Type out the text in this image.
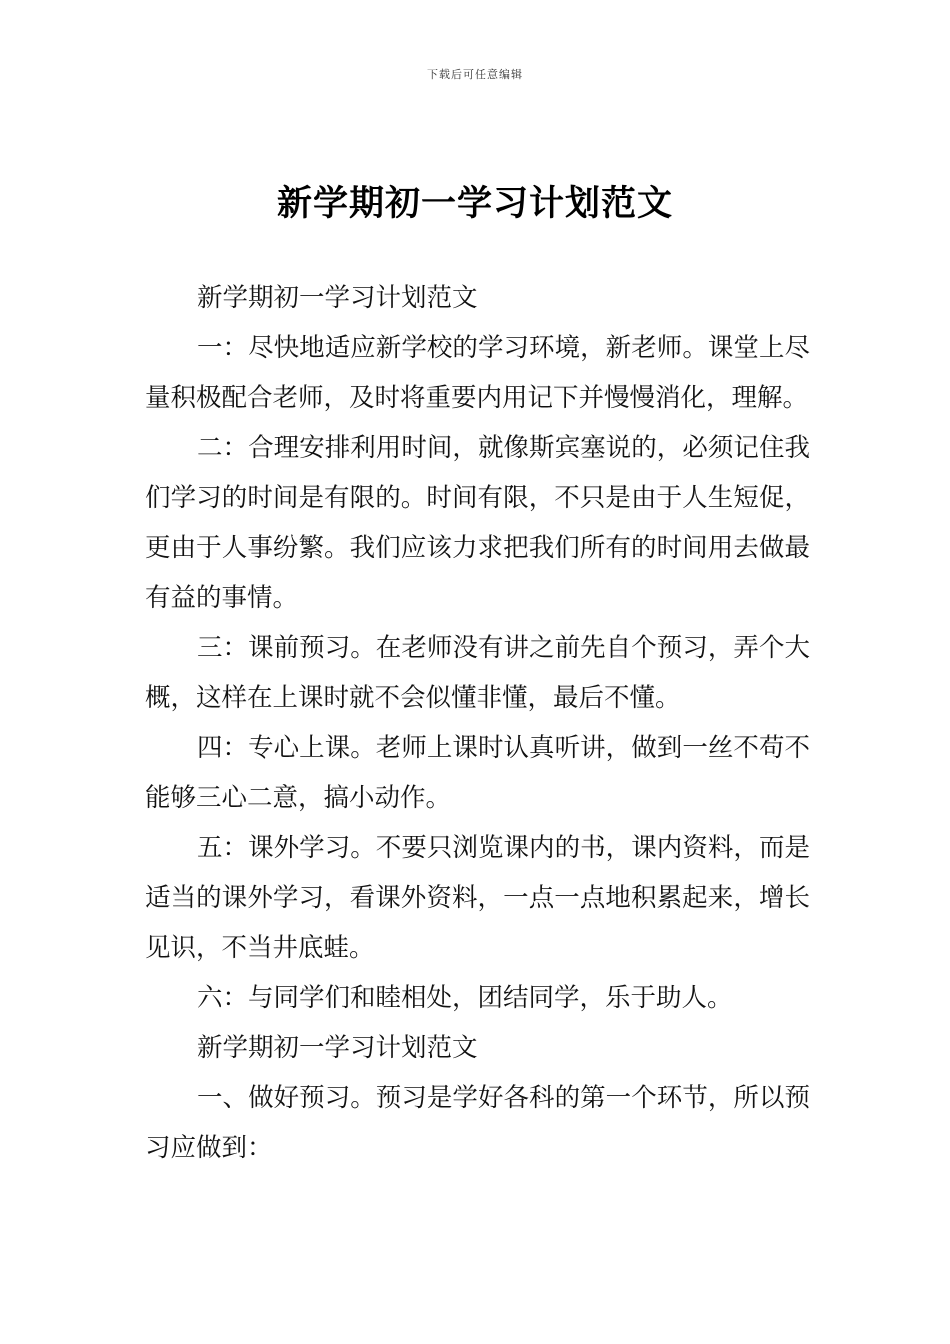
下载后可任意编辑
新学期初一学习计划范文

新学期初一学习计划范文

一：尽快地适应新学校的学习环境，新老师。课堂上尽量积极配合老师，及时将重要内用记下并慢慢消化，理解。

二：合理安排利用时间，就像斯宾塞说的，必须记住我们学习的时间是有限的。时间有限，不只是由于人生短促，更由于人事纷繁。我们应该力求把我们所有的时间用去做最有益的事情。

三：课前预习。在老师没有讲之前先自个预习，弄个大概，这样在上课时就不会似懂非懂，最后不懂。

四：专心上课。老师上课时认真听讲，做到一丝不苟不能够三心二意，搞小动作。

五：课外学习。不要只浏览课内的书，课内资料，而是适当的课外学习，看课外资料，一点一点地积累起来，增长见识，不当井底蛙。

六：与同学们和睦相处，团结同学，乐于助人。

新学期初一学习计划范文

一、做好预习。预习是学好各科的第一个环节，所以预习应做到：
